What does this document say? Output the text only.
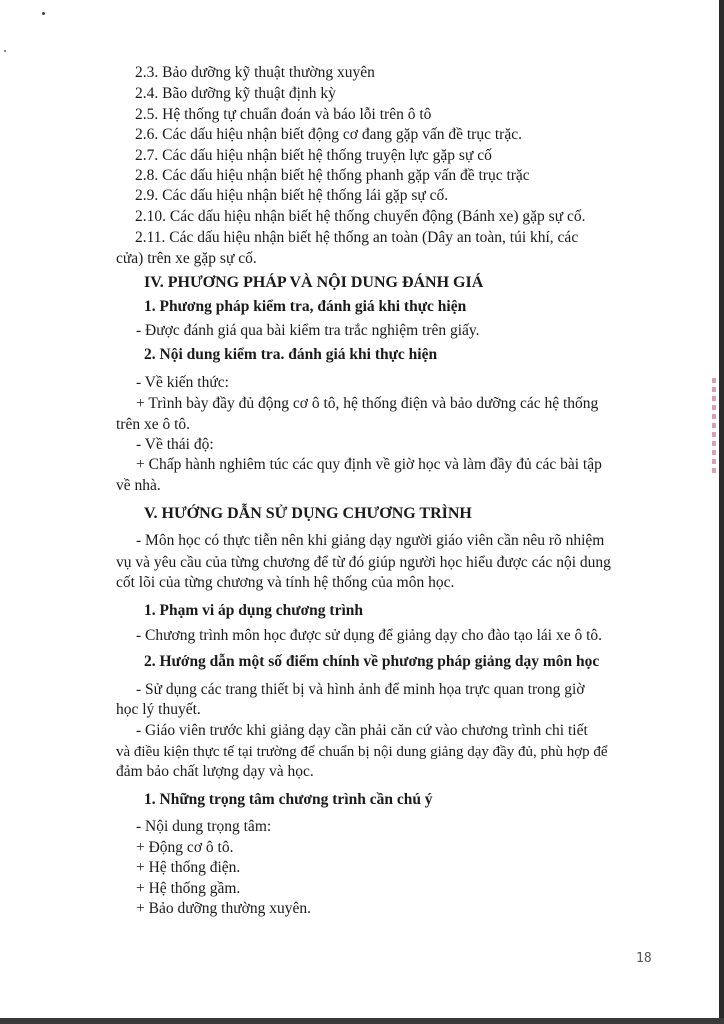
2.3. Bảo dưỡng kỹ thuật thường xuyên
2.4. Bão dưỡng kỹ thuật định kỳ
2.5. Hệ thống tự chuẩn đoán và báo lỗi trên ô tô
2.6. Các dấu hiệu nhận biết động cơ đang gặp vấn đề trục trặc.
2.7. Các dấu hiệu nhận biết hệ thống truyện lực gặp sự cố
2.8. Các dấu hiệu nhận biết hệ thống phanh gặp vấn đề trục trặc
2.9. Các dấu hiệu nhận biết hệ thống lái gặp sự cố.
2.10. Các dấu hiệu nhận biết hệ thống chuyển động (Bánh xe) gặp sự cố.
2.11. Các dấu hiệu nhận biết hệ thống an toàn (Dây an toàn, túi khí, các
cửa) trên xe gặp sự cố.
IV. PHƯƠNG PHÁP VÀ NỘI DUNG ĐÁNH GIÁ
1. Phương pháp kiểm tra, đánh giá khi thực hiện
- Được đánh giá qua bài kiểm tra trắc nghiệm trên giấy.
2. Nội dung kiểm tra. đánh giá khi thực hiện
- Về kiến thức:
+ Trình bày đầy đủ động cơ ô tô, hệ thống điện và bảo dưỡng các hệ thống
trên xe ô tô.
- Về thái độ:
+ Chấp hành nghiêm túc các quy định về giờ học và làm đầy đủ các bài tập
về nhà.
V. HƯỚNG DẪN SỬ DỤNG CHƯƠNG TRÌNH
- Môn học có thực tiễn nên khi giảng dạy người giáo viên cần nêu rõ nhiệm
vụ và yêu cầu của từng chương để từ đó giúp người học hiểu được các nội dung
cốt lõi của từng chương và tính hệ thống của môn học.
1. Phạm vi áp dụng chương trình
- Chương trình môn học được sử dụng để giảng dạy cho đào tạo lái xe ô tô.
2. Hướng dẫn một số điểm chính về phương pháp giảng dạy môn học
- Sử dụng các trang thiết bị và hình ảnh để minh họa trực quan trong giờ
học lý thuyết.
- Giáo viên trước khi giảng dạy cần phải căn cứ vào chương trình chi tiết
và điều kiện thực tế tại trường để chuẩn bị nội dung giảng dạy đầy đủ, phù hợp để
đảm bảo chất lượng dạy và học.
1. Những trọng tâm chương trình cần chú ý
- Nội dung trọng tâm:
+ Động cơ ô tô.
+ Hệ thống điện.
+ Hệ thống gầm.
+ Bảo dưỡng thường xuyên.
18
